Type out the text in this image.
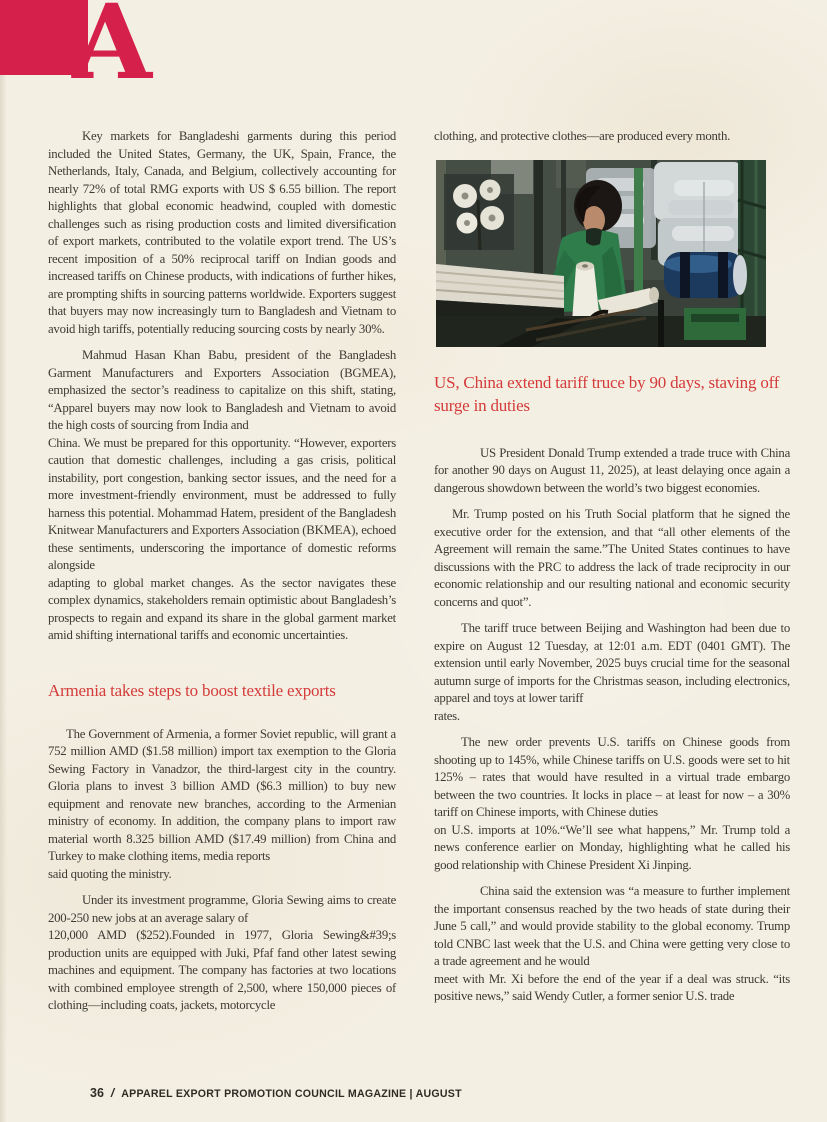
A

Key markets for Bangladeshi garments during this period included the United States, Germany, the UK, Spain, France, the Netherlands, Italy, Canada, and Belgium, collectively accounting for nearly 72% of total RMG exports with US $ 6.55 billion. The report highlights that global economic headwind, coupled with domestic challenges such as rising production costs and limited diversification of export markets, contributed to the volatile export trend. The US’s recent imposition of a 50% reciprocal tariff on Indian goods and increased tariffs on Chinese products, with indications of further hikes, are prompting shifts in sourcing patterns worldwide. Exporters suggest that buyers may now increasingly turn to Bangladesh and Vietnam to avoid high tariffs, potentially reducing sourcing costs by nearly 30%.

Mahmud Hasan Khan Babu, president of the Bangladesh Garment Manufacturers and Exporters Association (BGMEA), emphasized the sector’s readiness to capitalize on this shift, stating, “Apparel buyers may now look to Bangladesh and Vietnam to avoid the high costs of sourcing from India and
China. We must be prepared for this opportunity. “However, exporters caution that domestic challenges, including a gas crisis, political instability, port congestion, banking sector issues, and the need for a more investment-friendly environment, must be addressed to fully harness this potential. Mohammad Hatem, president of the Bangladesh Knitwear Manufacturers and Exporters Association (BKMEA), echoed these sentiments, underscoring the importance of domestic reforms alongside
adapting to global market changes. As the sector navigates these complex dynamics, stakeholders remain optimistic about Bangladesh’s prospects to regain and expand its share in the global garment market amid shifting international tariffs and economic uncertainties.

Armenia takes steps to boost textile exports

The Government of Armenia, a former Soviet republic, will grant a 752 million AMD ($1.58 million) import tax exemption to the Gloria Sewing Factory in Vanadzor, the third-largest city in the country. Gloria plans to invest 3 billion AMD ($6.3 million) to buy new equipment and renovate new branches, according to the Armenian ministry of economy. In addition, the company plans to import raw material worth 8.325 billion AMD ($17.49 million) from China and Turkey to make clothing items, media reports
said quoting the ministry.

Under its investment programme, Gloria Sewing aims to create 200-250 new jobs at an average salary of
120,000 AMD ($252).Founded in 1977, Gloria Sewing&#39;s production units are equipped with Juki, Pfaf fand other latest sewing machines and equipment. The company has factories at two locations with combined employee strength of 2,500, where 150,000 pieces of clothing—including coats, jackets, motorcycle

clothing, and protective clothes—are produced every month.

US, China extend tariff truce by 90 days, staving off
surge in duties

US President Donald Trump extended a trade truce with China for another 90 days on August 11, 2025), at least delaying once again a dangerous showdown between the world’s two biggest economies.

Mr. Trump posted on his Truth Social platform that he signed the executive order for the extension, and that “all other elements of the Agreement will remain the same.”The United States continues to have discussions with the PRC to address the lack of trade reciprocity in our economic relationship and our resulting national and economic security concerns and quot”.

The tariff truce between Beijing and Washington had been due to expire on August 12 Tuesday, at 12:01 a.m. EDT (0401 GMT). The extension until early November, 2025 buys crucial time for the seasonal autumn surge of imports for the Christmas season, including electronics, apparel and toys at lower tariff
rates.

The new order prevents U.S. tariffs on Chinese goods from shooting up to 145%, while Chinese tariffs on U.S. goods were set to hit 125% – rates that would have resulted in a virtual trade embargo between the two countries. It locks in place – at least for now – a 30% tariff on Chinese imports, with Chinese duties
on U.S. imports at 10%.“We’ll see what happens,” Mr. Trump told a news conference earlier on Monday, highlighting what he called his good relationship with Chinese President Xi Jinping.

China said the extension was “a measure to further implement the important consensus reached by the two heads of state during their June 5 call,” and would provide stability to the global economy. Trump told CNBC last week that the U.S. and China were getting very close to a trade agreement and he would
meet with Mr. Xi before the end of the year if a deal was struck. “its positive news,” said Wendy Cutler, a former senior U.S. trade

36 / APPAREL EXPORT PROMOTION COUNCIL MAGAZINE | AUGUST
